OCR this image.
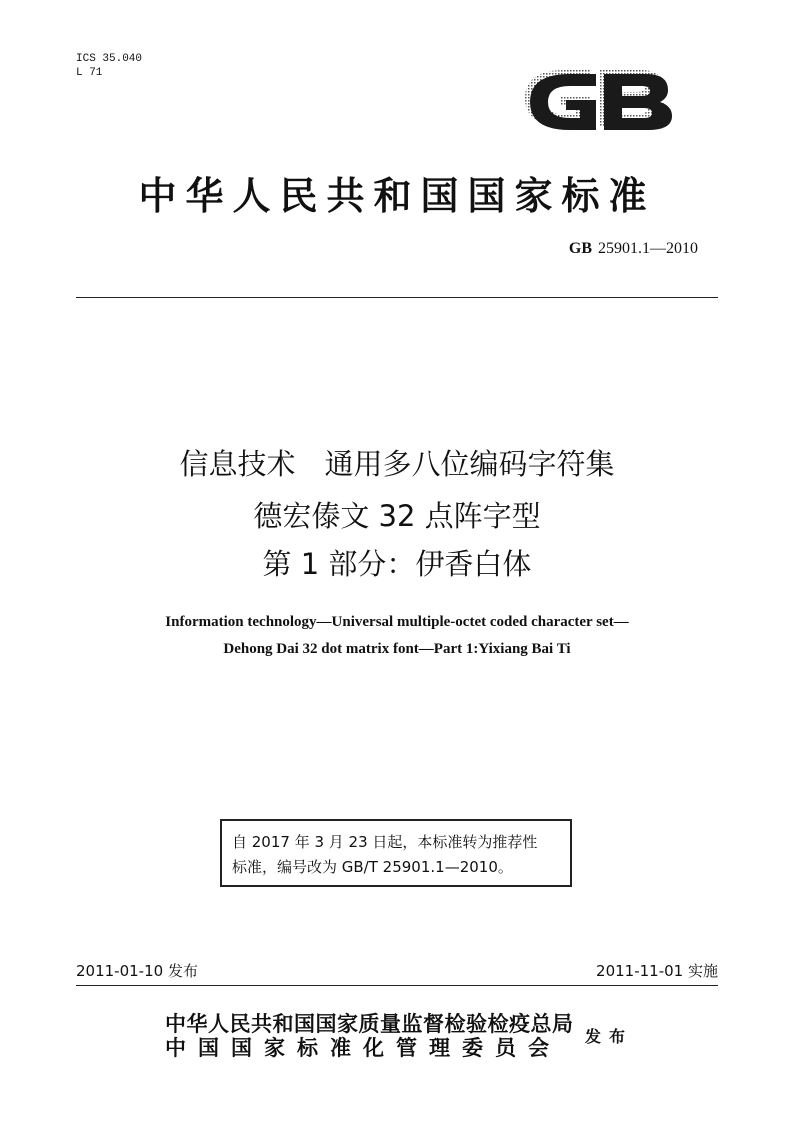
ICS 35.040
L 71
中华人民共和国国家标准
GB 25901.1—2010
信息技术　通用多八位编码字符集
德宏傣文 32 点阵字型
第 1 部分：伊香白体
Information technology—Universal multiple-octet coded character set—
Dehong Dai 32 dot matrix font—Part 1:Yixiang Bai Ti
自 2017 年 3 月 23 日起，本标准转为推荐性
标准，编号改为 GB/T 25901.1—2010。
2011-01-10 发布	2011-11-01 实施
中华人民共和国国家质量监督检验检疫总局
中国国家标准化管理委员会 发布
